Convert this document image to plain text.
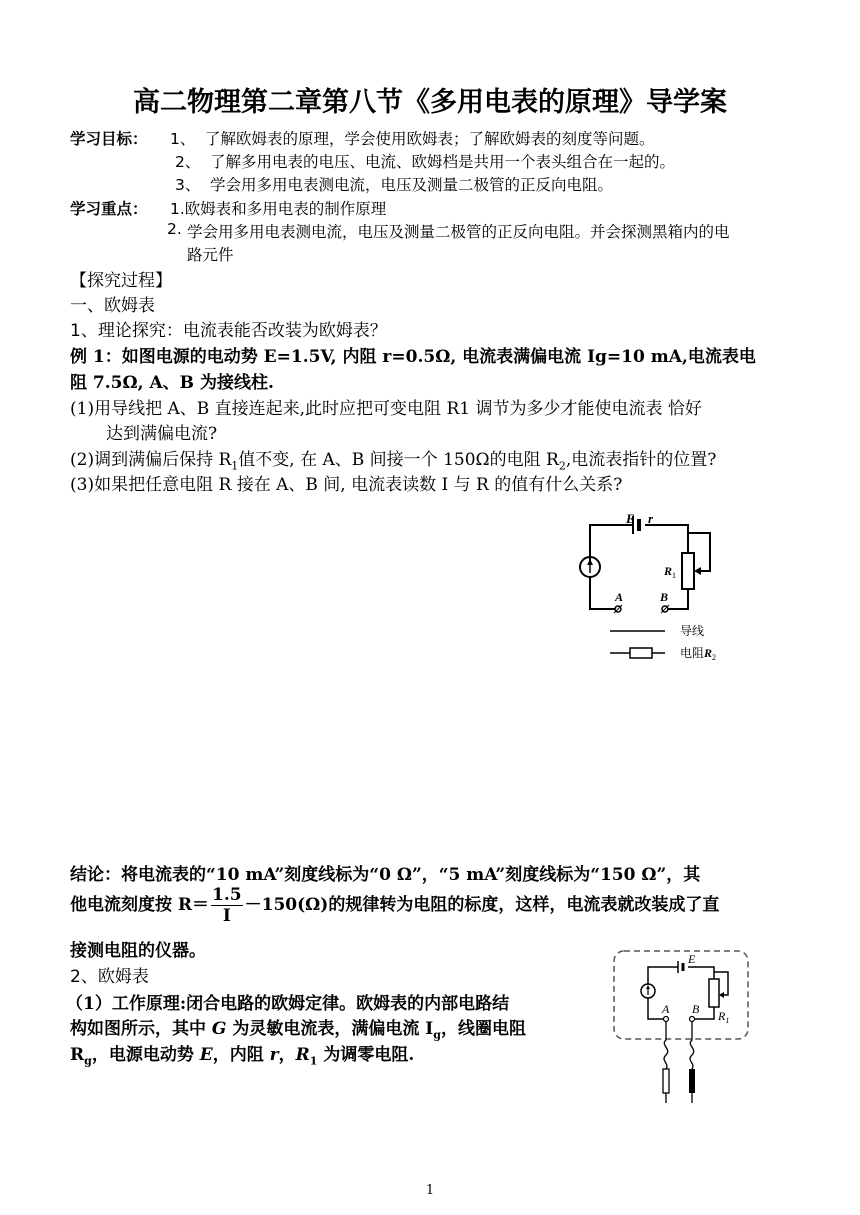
高二物理第二章第八节《多用电表的原理》导学案
学习目标： 1、 了解欧姆表的原理，学会使用欧姆表；了解欧姆表的刻度等问题。
2、 了解多用电表的电压、电流、欧姆档是共用一个表头组合在一起的。
3、 学会用多用电表测电流，电压及测量二极管的正反向电阻。
学习重点： 1.欧姆表和多用电表的制作原理
2. 学会用多用电表测电流，电压及测量二极管的正反向电阻。并会探测黑箱内的电
路元件
【探究过程】
一、欧姆表
1、理论探究：电流表能否改装为欧姆表？
例 1：如图电源的电动势 E=1.5V, 内阻 r=0.5Ω, 电流表满偏电流 Ig=10 mA,电流表电
阻 7.5Ω, A、B 为接线柱.
(1)用导线把 A、B 直接连起来,此时应把可变电阻 R1 调节为多少才能使电流表 恰好
达到满偏电流?
(2)调到满偏后保持 $R_1$值不变, 在 A、B 间接一个 150Ω的电阻 $R_2$,电流表指针的位置?
(3)如果把任意电阻 R 接在 A、B 间, 电流表读数 I 与 R 的值有什么关系?
E r
R 1
A	B
导线
电阻$R_2$
结论：将电流表的“10 mA”刻度线标为“0 Ω”，“5 mA”刻度线标为“150 Ω”，其
他电流刻度按 $R= \frac{1.5}{I} -150(\Omega)$的规律转为电阻的标度，这样，电流表就改装成了直
接测电阻的仪器。
2、欧姆表
（1）工作原理:闭合电路的欧姆定律。欧姆表的内部电路结
构如图所示，其中 G 为灵敏电流表，满偏电流 $I_g$，线圈电阻
$R_g$，电源电动势 E，内阻 r，$R_1$ 为调零电阻.
E
$R_1$
A B
1
